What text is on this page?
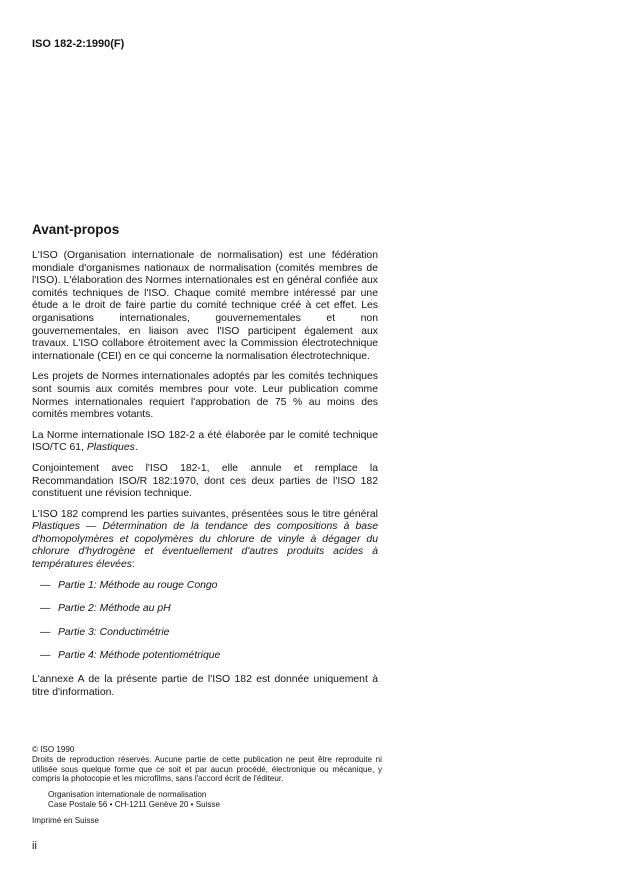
ISO 182-2:1990(F)
Avant-propos

L'ISO (Organisation internationale de normalisation) est une fédération mondiale d'organismes nationaux de normalisation (comités membres de l'ISO). L'élaboration des Normes internationales est en général confiée aux comités techniques de l'ISO. Chaque comité membre intéressé par une étude a le droit de faire partie du comité technique créé à cet effet. Les organisations internationales, gouvernementales et non gouvernementales, en liaison avec l'ISO participent également aux travaux. L'ISO collabore étroitement avec la Commission électrotechnique internationale (CEI) en ce qui concerne la normalisation électrotechnique.

Les projets de Normes internationales adoptés par les comités techniques sont soumis aux comités membres pour vote. Leur publication comme Normes internationales requiert l'approbation de 75 % au moins des comités membres votants.

La Norme internationale ISO 182-2 a été élaborée par le comité technique ISO/TC 61, Plastiques.

Conjointement avec l'ISO 182-1, elle annule et remplace la Recommandation ISO/R 182:1970, dont ces deux parties de l'ISO 182 constituent une révision technique.

L'ISO 182 comprend les parties suivantes, présentées sous le titre général Plastiques — Détermination de la tendance des compositions à base d'homopolymères et copolymères du chlorure de vinyle à dégager du chlorure d'hydrogène et éventuellement d'autres produits acides à températures élevées:

— Partie 1: Méthode au rouge Congo
— Partie 2: Méthode au pH
— Partie 3: Conductimétrie
— Partie 4: Méthode potentiométrique

L'annexe A de la présente partie de l'ISO 182 est donnée uniquement à titre d'information.

© ISO 1990

Droits de reproduction réservés. Aucune partie de cette publication ne peut être reproduite ni utilisée sous quelque forme que ce soit et par aucun procédé, électronique ou mécanique, y compris la photocopie et les microfilms, sans l'accord écrit de l'éditeur.

Organisation internationale de normalisation

Case Postale 56 • CH-1211 Genève 20 • Suisse

Imprimé en Suisse

ii
